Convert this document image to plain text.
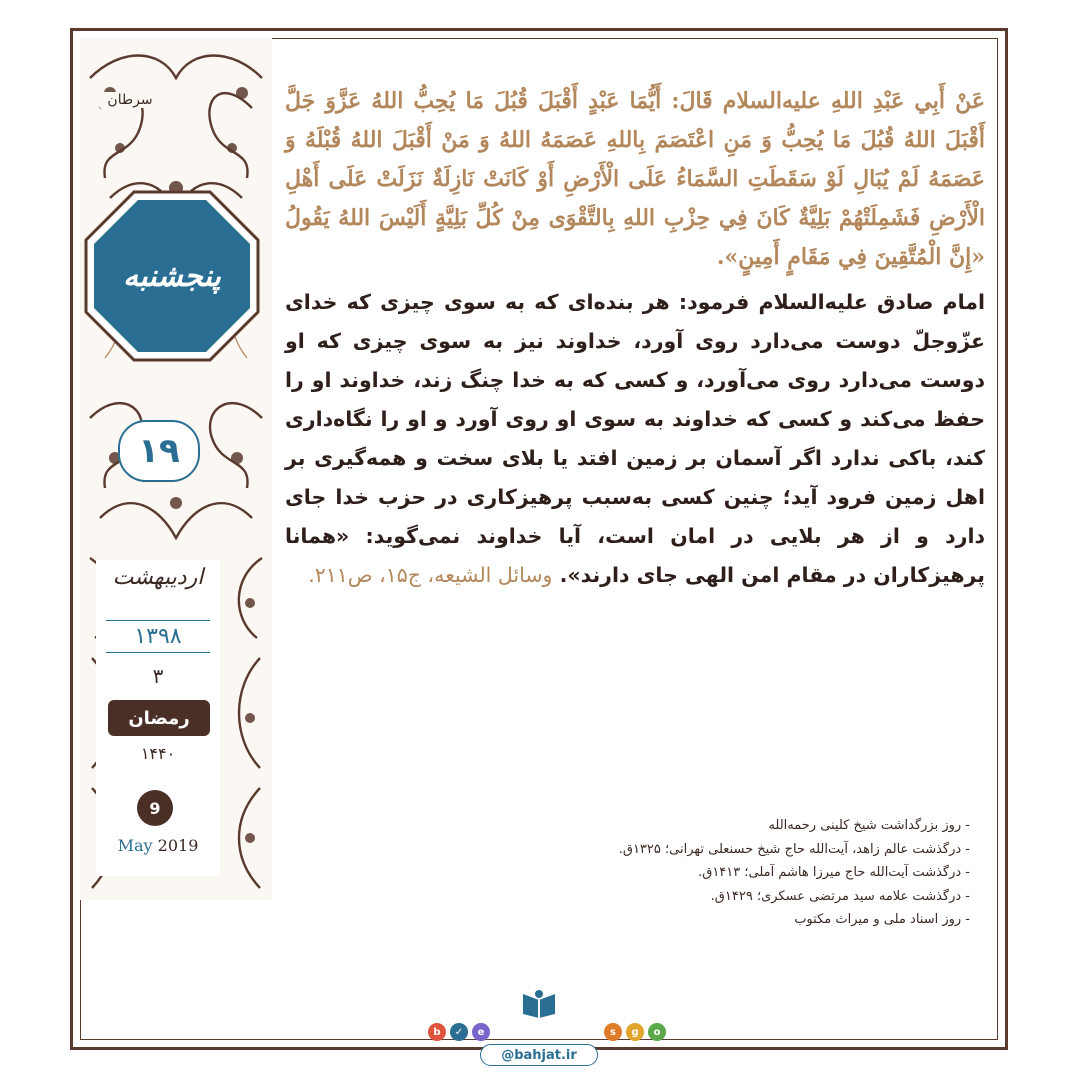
سرطان
پنجشنبه
۱۹
اردیبهشت
۱۳۹۸
۳
رمضان
۱۴۴۰
9
May 2019

عَنْ أَبِي عَبْدِ اللهِ علیه‌السلام قَالَ: أَيُّمَا عَبْدٍ أَقْبَلَ قُبُلَ مَا يُحِبُّ اللهُ عَزَّوَ جَلَّ أَقْبَلَ اللهُ قُبُلَ مَا يُحِبُّ وَ مَنِ اعْتَصَمَ بِاللهِ عَصَمَهُ اللهُ وَ مَنْ أَقْبَلَ اللهُ قُبْلَهُ وَ عَصَمَهُ لَمْ يُبَالِ لَوْ سَقَطَتِ السَّمَاءُ عَلَى الْأَرْضِ أَوْ كَانَتْ نَازِلَةٌ نَزَلَتْ عَلَى أَهْلِ الْأَرْضِ فَشَمِلَتْهُمْ بَلِيَّةٌ كَانَ فِي حِزْبِ اللهِ بِالتَّقْوَى مِنْ كُلِّ بَلِيَّةٍ أَلَيْسَ اللهُ يَقُولُ «إِنَّ الْمُتَّقِينَ فِي مَقَامٍ أَمِينٍ».

امام صادق علیه‌السلام فرمود: هر بنده‌ای که به سوی چیزی که خدای عزّوجلّ دوست می‌دارد روی آورد، خداوند نیز به سوی چیزی که او دوست می‌دارد روی می‌آورد، و کسی که به خدا چنگ زند، خداوند او را حفظ می‌کند و کسی که خداوند به سوی او روی آورد و او را نگاه‌داری کند، باکی ندارد اگر آسمان بر زمین افتد یا بلای سخت و همه‌گیری بر اهل زمین فرود آید؛ چنین کسی به‌سبب پرهیزکاری در حزب خدا جای دارد و از هر بلایی در امان است، آیا خداوند نمی‌گوید: «همانا پرهیزکاران در مقام امن الهی جای دارند». وسائل الشیعه، ج۱۵، ص۲۱۱.

- روز بزرگداشت شیخ کلینی رحمه‌الله
- درگذشت عالم زاهد، آیت‌الله حاج شیخ حسنعلی تهرانی؛ ۱۳۲۵ق.
- درگذشت آیت‌الله حاج میرزا هاشم آملی؛ ۱۴۱۳ق.
- درگذشت علامه سید مرتضی عسکری؛ ۱۴۲۹ق.
- روز اسناد ملی و میراث مکتوب
b	✓	e	s	g	o
@bahjat.ir
